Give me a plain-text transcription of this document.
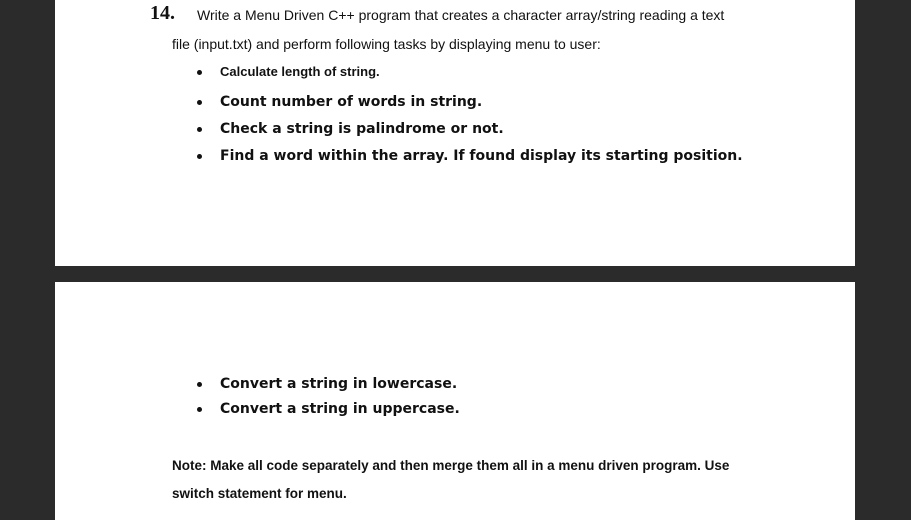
14. Write a Menu Driven C++ program that creates a character array/string reading a text
file (input.txt) and perform following tasks by displaying menu to user:
Calculate length of string.
Count number of words in string.
Check a string is palindrome or not.
Find a word within the array. If found display its starting position.
Convert a string in lowercase.
Convert a string in uppercase.
Note: Make all code separately and then merge them all in a menu driven program. Use
switch statement for menu.
